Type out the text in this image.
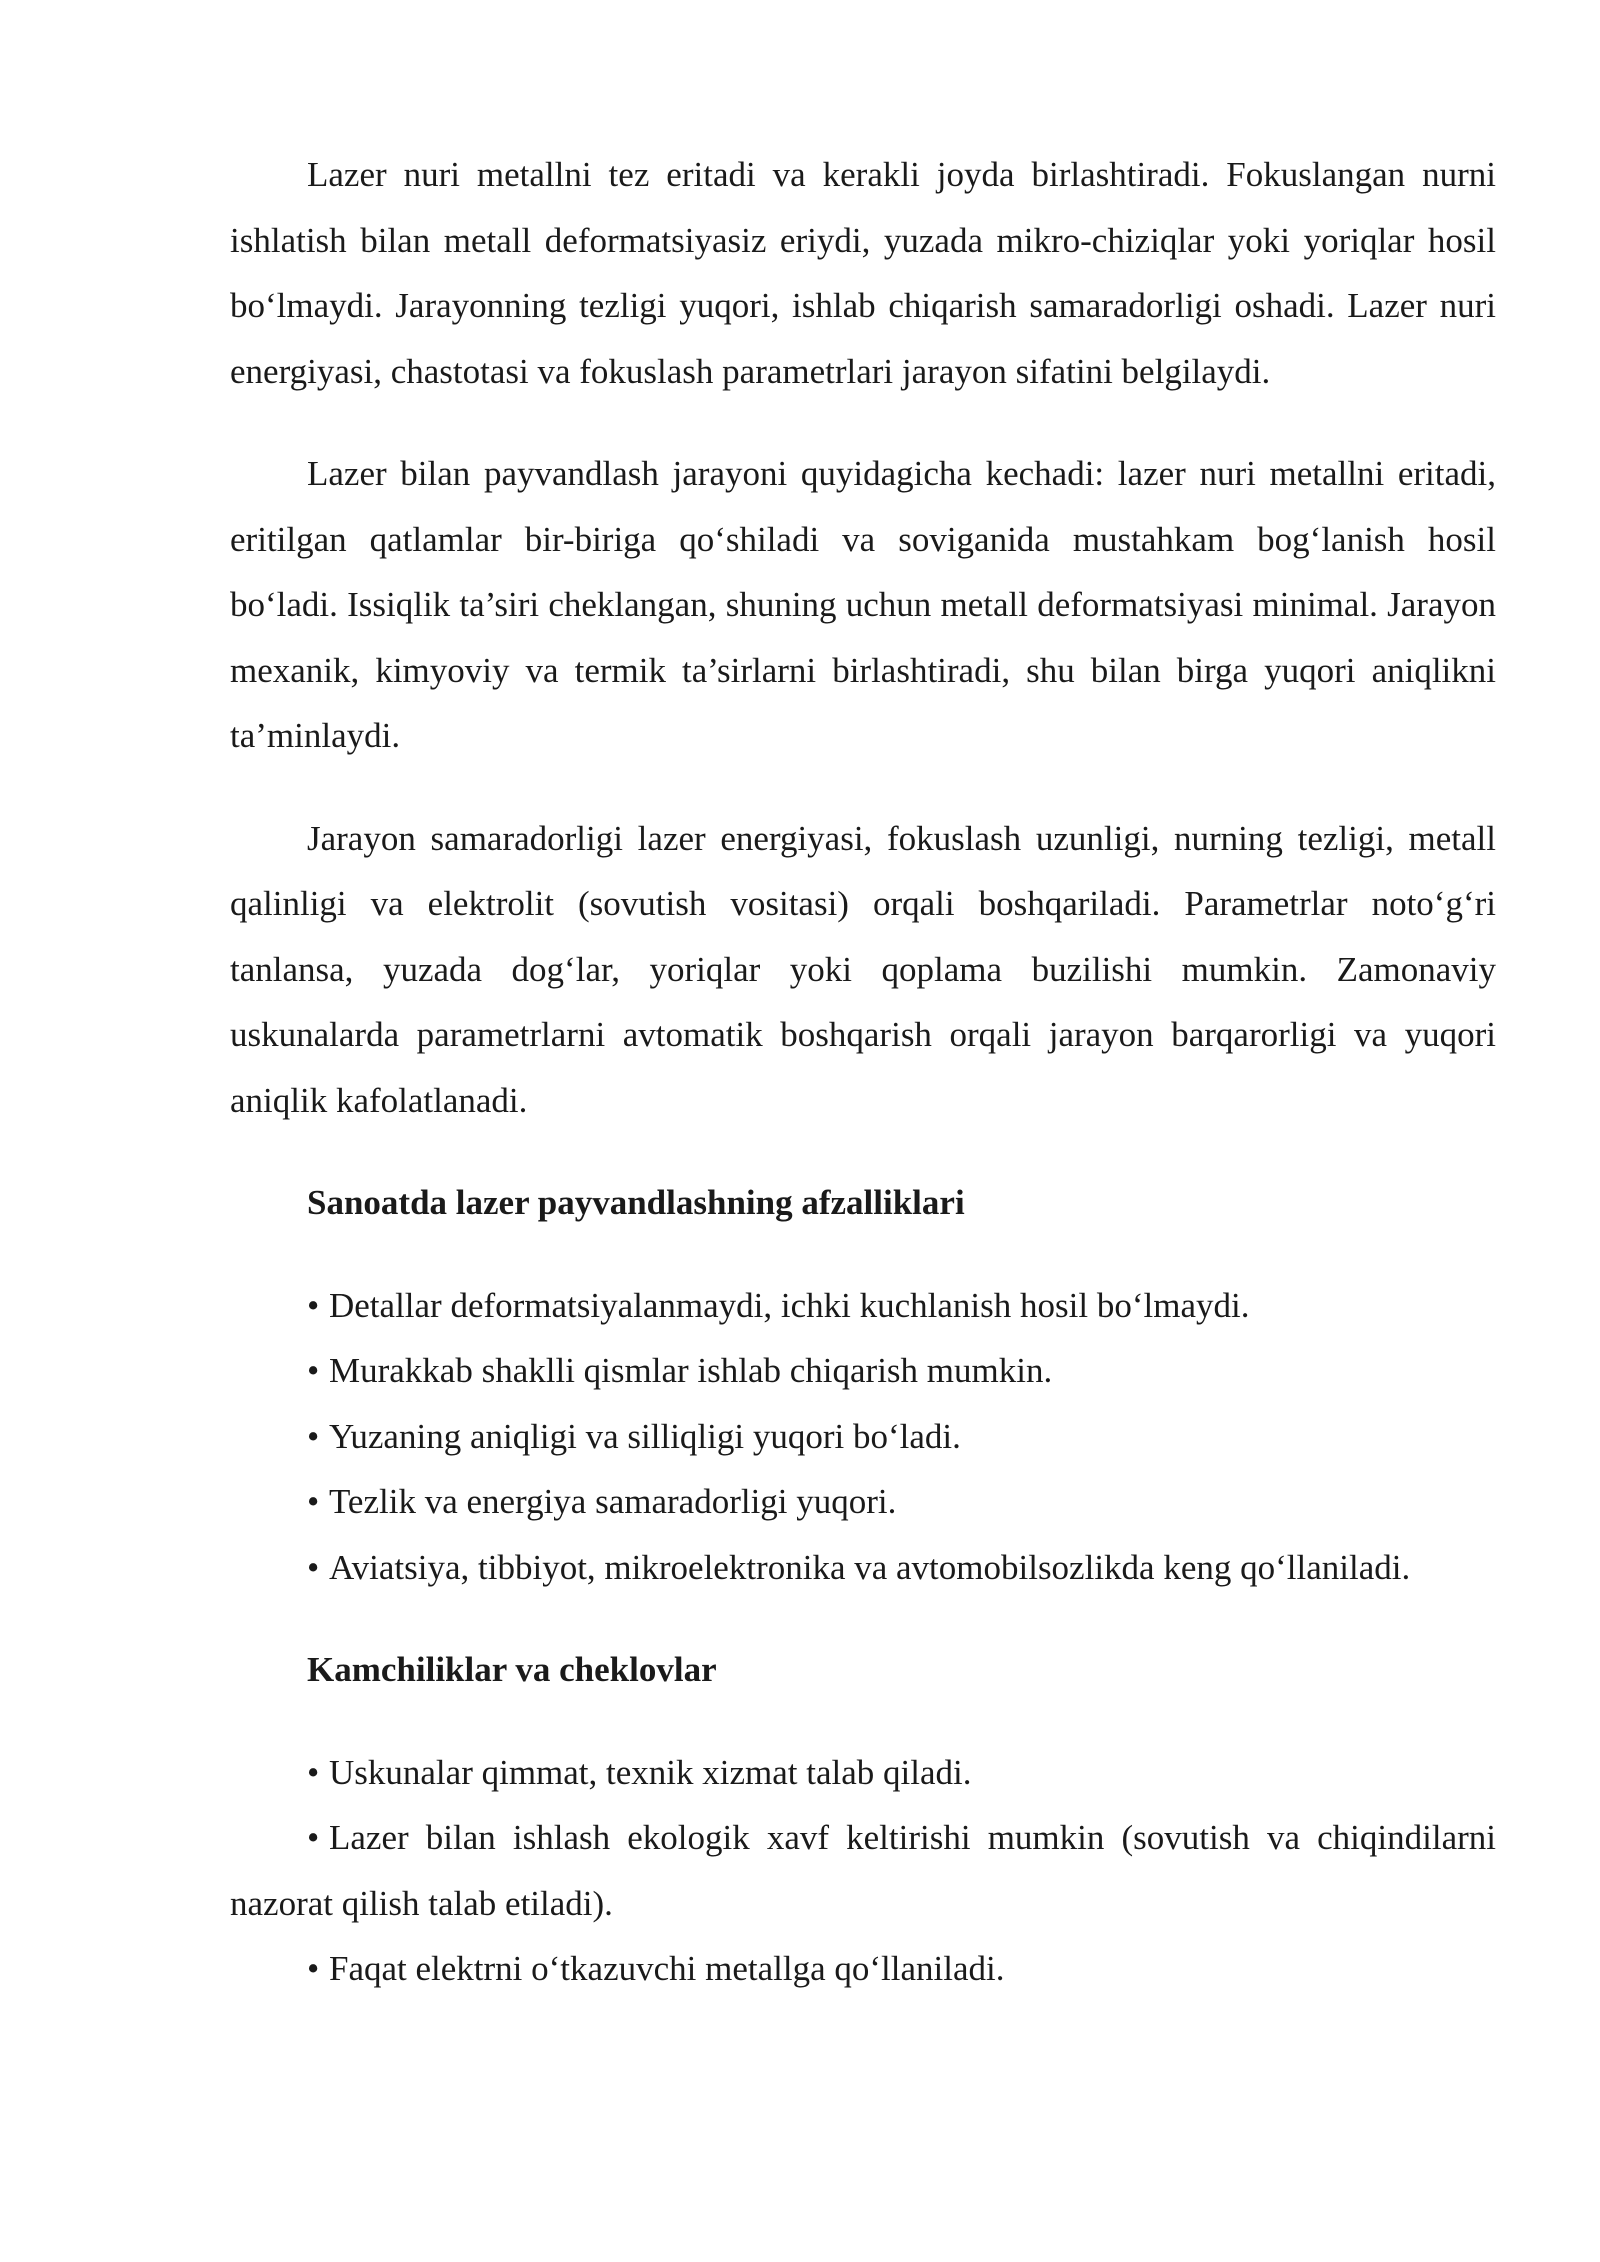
Lazer nuri metallni tez eritadi va kerakli joyda birlashtiradi. Fokuslangan nurni ishlatish bilan metall deformatsiyasiz eriydi, yuzada mikro-chiziqlar yoki yoriqlar hosil bo‘lmaydi. Jarayonning tezligi yuqori, ishlab chiqarish samaradorligi oshadi. Lazer nuri energiyasi, chastotasi va fokuslash parametrlari jarayon sifatini belgilaydi.

Lazer bilan payvandlash jarayoni quyidagicha kechadi: lazer nuri metallni eritadi, eritilgan qatlamlar bir-biriga qo‘shiladi va soviganida mustahkam bog‘lanish hosil bo‘ladi. Issiqlik ta’siri cheklangan, shuning uchun metall deformatsiyasi minimal. Jarayon mexanik, kimyoviy va termik ta’sirlarni birlashtiradi, shu bilan birga yuqori aniqlikni ta’minlaydi.

Jarayon samaradorligi lazer energiyasi, fokuslash uzunligi, nurning tezligi, metall qalinligi va elektrolit (sovutish vositasi) orqali boshqariladi. Parametrlar noto‘g‘ri tanlansa, yuzada dog‘lar, yoriqlar yoki qoplama buzilishi mumkin. Zamonaviy uskunalarda parametrlarni avtomatik boshqarish orqali jarayon barqarorligi va yuqori aniqlik kafolatlanadi.

Sanoatda lazer payvandlashning afzalliklari

• Detallar deformatsiyalanmaydi, ichki kuchlanish hosil bo‘lmaydi.

• Murakkab shaklli qismlar ishlab chiqarish mumkin.

• Yuzaning aniqligi va silliqligi yuqori bo‘ladi.

• Tezlik va energiya samaradorligi yuqori.

• Aviatsiya, tibbiyot, mikroelektronika va avtomobilsozlikda keng qo‘llaniladi.

Kamchiliklar va cheklovlar

• Uskunalar qimmat, texnik xizmat talab qiladi.

• Lazer bilan ishlash ekologik xavf keltirishi mumkin (sovutish va chiqindilarni nazorat qilish talab etiladi).

• Faqat elektrni o‘tkazuvchi metallga qo‘llaniladi.
